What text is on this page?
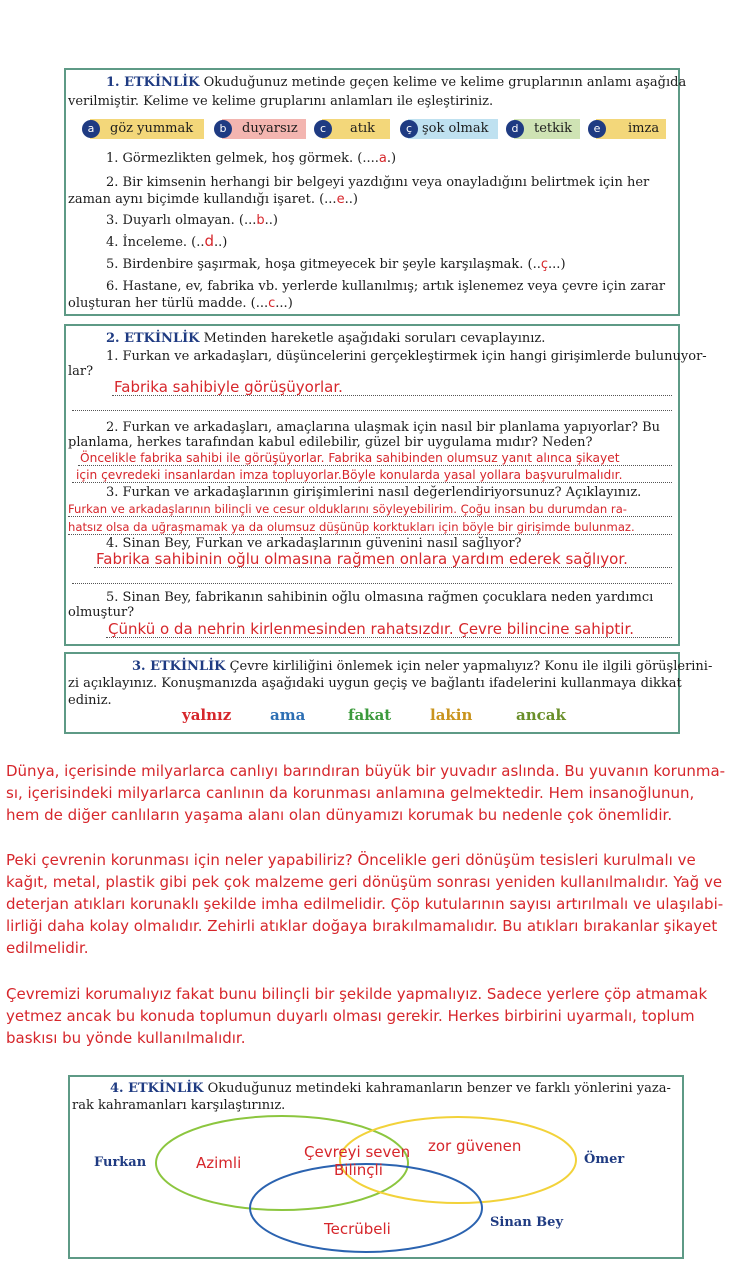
1. ETKİNLİK Okuduğunuz metinde geçen kelime ve kelime gruplarının anlamı aşağıda
verilmiştir. Kelime ve kelime gruplarını anlamları ile eşleştiriniz.
göz yummak
a	duyarsız
b	atık
c	şok olmak
ç	tetkik
d	imza
e
1. Görmezlikten gelmek, hoş görmek. (....a.)
2. Bir kimsenin herhangi bir belgeyi yazdığını veya onayladığını belirtmek için her
zaman aynı biçimde kullandığı işaret. (...e..)
3. Duyarlı olmayan. (...b..)
4. İnceleme. (..d..)
5. Birdenbire şaşırmak, hoşa gitmeyecek bir şeyle karşılaşmak. (..ç...)
6. Hastane, ev, fabrika vb. yerlerde kullanılmış; artık işlenemez veya çevre için zarar
oluşturan her türlü madde. (...c...)
2. ETKİNLİK Metinden hareketle aşağıdaki soruları cevaplayınız.
1. Furkan ve arkadaşları, düşüncelerini gerçekleştirmek için hangi girişimlerde bulunuyor-
lar?
Fabrika sahibiyle görüşüyorlar.
2. Furkan ve arkadaşları, amaçlarına ulaşmak için nasıl bir planlama yapıyorlar? Bu
planlama, herkes tarafından kabul edilebilir, güzel bir uygulama mıdır? Neden?
Öncelikle fabrika sahibi ile görüşüyorlar. Fabrika sahibinden olumsuz yanıt alınca şikayet
için çevredeki insanlardan imza topluyorlar.Böyle konularda yasal yollara başvurulmalıdır.
3. Furkan ve arkadaşlarının girişimlerini nasıl değerlendiriyorsunuz? Açıklayınız.
Furkan ve arkadaşlarının bilinçli ve cesur olduklarını söyleyebilirim. Çoğu insan bu durumdan ra-
hatsız olsa da uğraşmamak ya da olumsuz düşünüp korktukları için böyle bir girişimde bulunmaz.
4. Sinan Bey, Furkan ve arkadaşlarının güvenini nasıl sağlıyor?
Fabrika sahibinin oğlu olmasına rağmen onlara yardım ederek sağlıyor.
5. Sinan Bey, fabrikanın sahibinin oğlu olmasına rağmen çocuklara neden yardımcı
olmuştur?
Çünkü o da nehrin kirlenmesinden rahatsızdır. Çevre bilincine sahiptir.
3. ETKİNLİK Çevre kirliliğini önlemek için neler yapmalıyız? Konu ile ilgili görüşlerini-
zi açıklayınız. Konuşmanızda aşağıdaki uygun geçiş ve bağlantı ifadelerini kullanmaya dikkat
ediniz.
yalnız	ama	fakat	lakin	ancak
Dünya, içerisinde milyarlarca canlıyı barındıran büyük bir yuvadır aslında. Bu yuvanın korunma-
sı, içerisindeki milyarlarca canlının da korunması anlamına gelmektedir. Hem insanoğlunun,
hem de diğer canlıların yaşama alanı olan dünyamızı korumak bu nedenle çok önemlidir.
Peki çevrenin korunması için neler yapabiliriz? Öncelikle geri dönüşüm tesisleri kurulmalı ve
kağıt, metal, plastik gibi pek çok malzeme geri dönüşüm sonrası yeniden kullanılmalıdır. Yağ ve
deterjan atıkları korunaklı şekilde imha edilmelidir. Çöp kutularının sayısı artırılmalı ve ulaşılabi-
lirliği daha kolay olmalıdır. Zehirli atıklar doğaya bırakılmamalıdır. Bu atıkları bırakanlar şikayet
edilmelidir.
Çevremizi korumalıyız fakat bunu bilinçli bir şekilde yapmalıyız. Sadece yerlere çöp atmamak
yetmez ancak bu konuda toplumun duyarlı olması gerekir. Herkes birbirini uyarmalı, toplum
baskısı bu yönde kullanılmalıdır.
4. ETKİNLİK Okuduğunuz metindeki kahramanların benzer ve farklı yönlerini yaza-
rak kahramanları karşılaştırınız.
Furkan	Ömer
Sinan Bey
Azimli
Çevreyi seven
Bilinçli
zor güvenen
Tecrübeli
